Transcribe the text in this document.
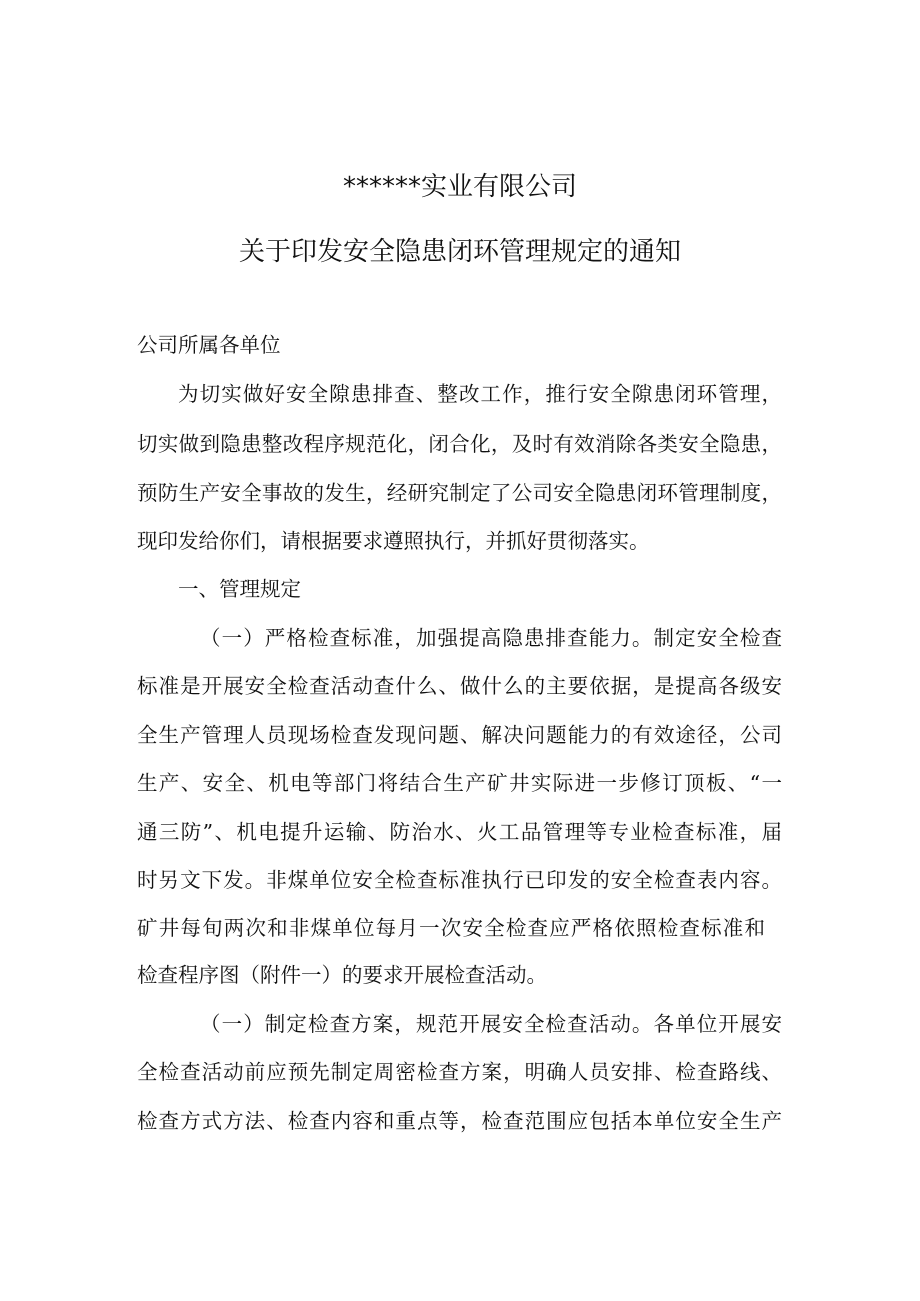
******实业有限公司
关于印发安全隐患闭环管理规定的通知

公司所属各单位

为切实做好安全隙患排查、整改工作，推行安全隙患闭环管理，

切实做到隐患整改程序规范化，闭合化，及时有效消除各类安全隐患，

预防生产安全事故的发生，经研究制定了公司安全隐患闭环管理制度，

现印发给你们，请根据要求遵照执行，并抓好贯彻落实。

一、管理规定

（一）严格检查标准，加强提高隐患排查能力。制定安全检查

标准是开展安全检查活动查什么、做什么的主要依据，是提高各级安

全生产管理人员现场检查发现问题、解决问题能力的有效途径，公司

生产、安全、机电等部门将结合生产矿井实际进一步修订顶板、“一

通三防”、机电提升运输、防治水、火工品管理等专业检查标准，届

时另文下发。非煤单位安全检查标准执行已印发的安全检查表内容。

矿井每旬两次和非煤单位每月一次安全检查应严格依照检查标准和

检查程序图（附件一）的要求开展检查活动。

（一）制定检查方案，规范开展安全检查活动。各单位开展安

全检查活动前应预先制定周密检查方案，明确人员安排、检查路线、

检查方式方法、检查内容和重点等，检查范围应包括本单位安全生产
